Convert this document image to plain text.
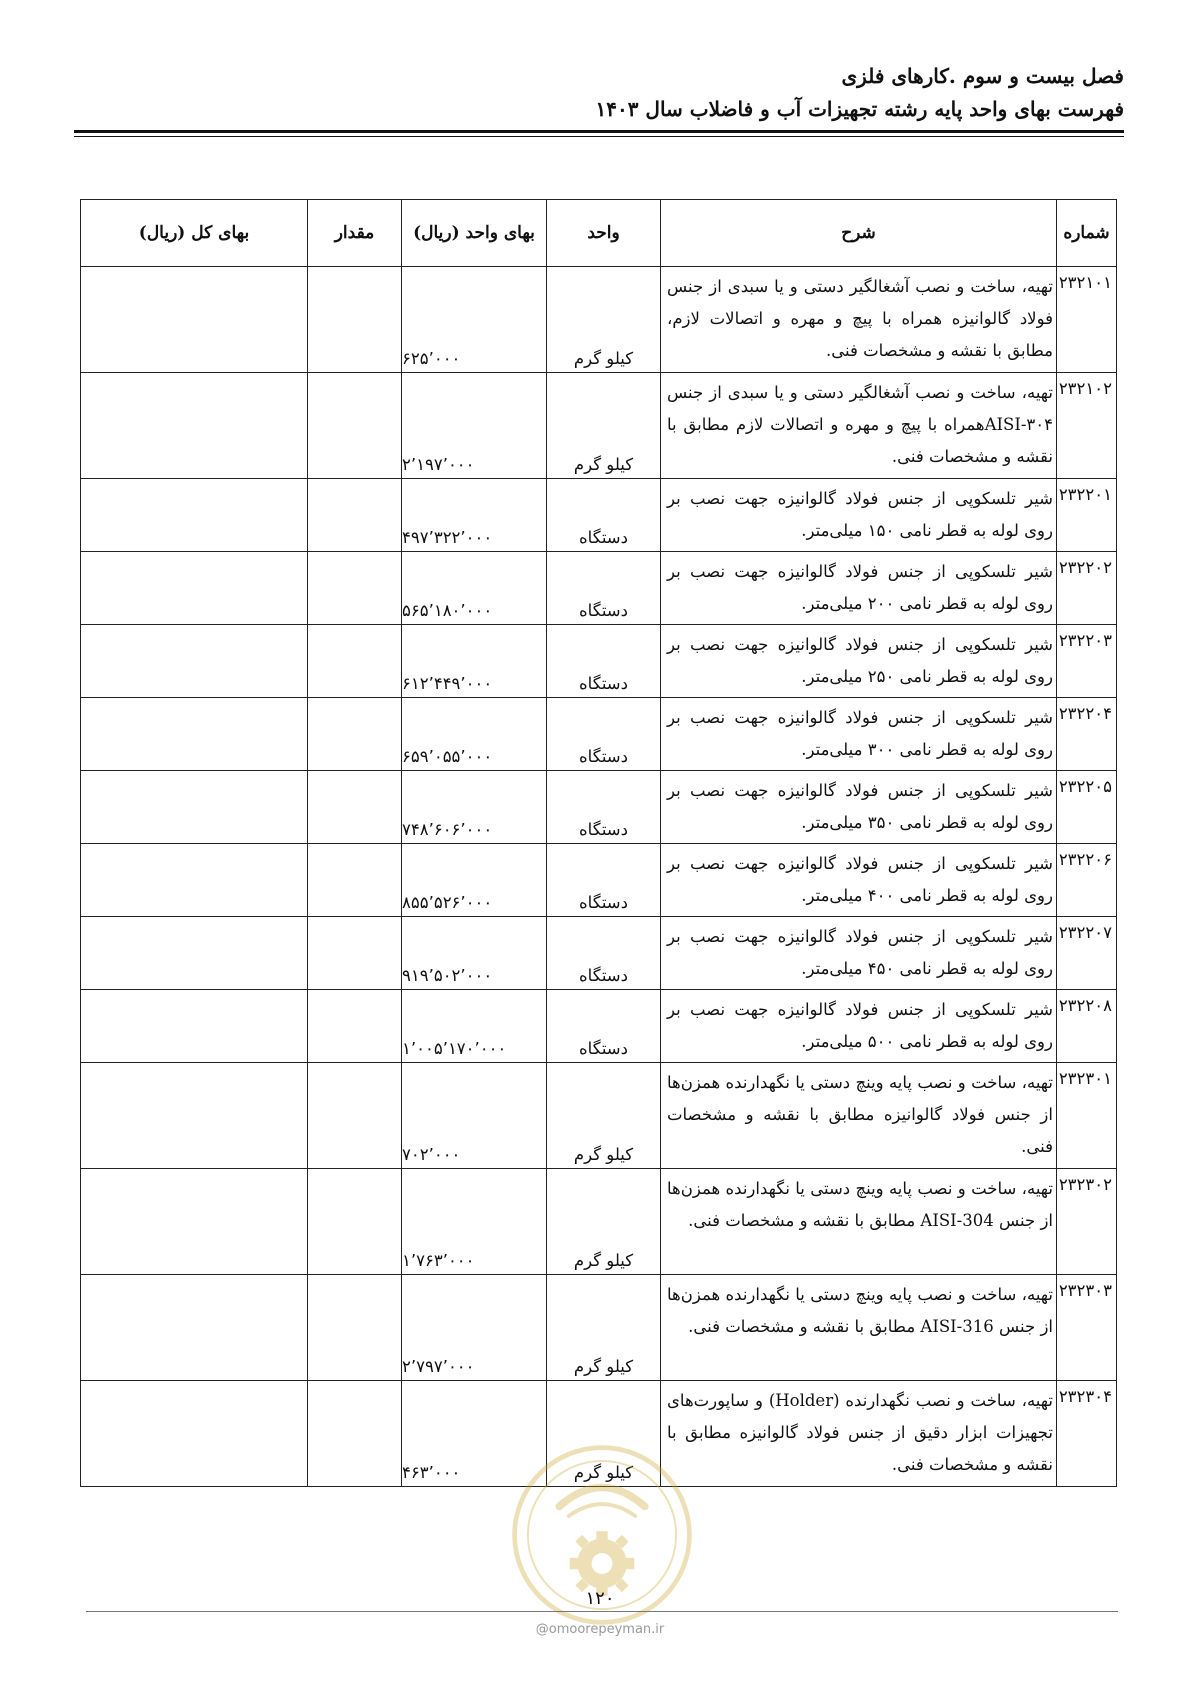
فصل بیست و سوم .کارهای فلزی
فهرست بهای واحد پایه رشته تجهیزات آب و فاضلاب سال ۱۴۰۳
شماره	شرح	واحد	بهای واحد (ریال)	مقدار	بهای کل (ریال)
۲۳۲۱۰۱	تهیه، ساخت و نصب آشغالگیر دستی و یا سبدی از جنس فولاد گالوانیزه همراه با پیچ و مهره و اتصالات لازم، مطابق با نقشه و مشخصات فنی.	کیلو گرم	۶۲۵٬۰۰۰		
۲۳۲۱۰۲	تهیه، ساخت و نصب آشغالگیر دستی و یا سبدی از جنس AISI-۳۰۴همراه با پیچ و مهره و اتصالات لازم مطابق با نقشه و مشخصات فنی.	کیلو گرم	۲٬۱۹۷٬۰۰۰		
۲۳۲۲۰۱	شیر تلسکوپی از جنس فولاد گالوانیزه جهت نصب بر روی لوله به قطر نامی ۱۵۰ میلی‌متر.	دستگاه	۴۹۷٬۳۲۲٬۰۰۰		
۲۳۲۲۰۲	شیر تلسکوپی از جنس فولاد گالوانیزه جهت نصب بر روی لوله به قطر نامی ۲۰۰ میلی‌متر.	دستگاه	۵۶۵٬۱۸۰٬۰۰۰		
۲۳۲۲۰۳	شیر تلسکوپی از جنس فولاد گالوانیزه جهت نصب بر روی لوله به قطر نامی ۲۵۰ میلی‌متر.	دستگاه	۶۱۲٬۴۴۹٬۰۰۰		
۲۳۲۲۰۴	شیر تلسکوپی از جنس فولاد گالوانیزه جهت نصب بر روی لوله به قطر نامی ۳۰۰ میلی‌متر.	دستگاه	۶۵۹٬۰۵۵٬۰۰۰		
۲۳۲۲۰۵	شیر تلسکوپی از جنس فولاد گالوانیزه جهت نصب بر روی لوله به قطر نامی ۳۵۰ میلی‌متر.	دستگاه	۷۴۸٬۶۰۶٬۰۰۰		
۲۳۲۲۰۶	شیر تلسکوپی از جنس فولاد گالوانیزه جهت نصب بر روی لوله به قطر نامی ۴۰۰ میلی‌متر.	دستگاه	۸۵۵٬۵۲۶٬۰۰۰		
۲۳۲۲۰۷	شیر تلسکوپی از جنس فولاد گالوانیزه جهت نصب بر روی لوله به قطر نامی ۴۵۰ میلی‌متر.	دستگاه	۹۱۹٬۵۰۲٬۰۰۰		
۲۳۲۲۰۸	شیر تلسکوپی از جنس فولاد گالوانیزه جهت نصب بر روی لوله به قطر نامی ۵۰۰ میلی‌متر.	دستگاه	۱٬۰۰۵٬۱۷۰٬۰۰۰		
۲۳۲۳۰۱	تهیه، ساخت و نصب پایه وینچ دستی یا نگهدارنده همزن‌ها از جنس فولاد گالوانیزه مطابق با نقشه و مشخصات فنی.	کیلو گرم	۷۰۲٬۰۰۰		
۲۳۲۳۰۲	تهیه، ساخت و نصب پایه وینچ دستی یا نگهدارنده همزن‌ها از جنس AISI-304 مطابق با نقشه و مشخصات فنی.	کیلو گرم	۱٬۷۶۳٬۰۰۰		
۲۳۲۳۰۳	تهیه، ساخت و نصب پایه وینچ دستی یا نگهدارنده همزن‌ها از جنس AISI-316 مطابق با نقشه و مشخصات فنی.	کیلو گرم	۲٬۷۹۷٬۰۰۰		
۲۳۲۳۰۴	تهیه، ساخت و نصب نگهدارنده (Holder) و ساپورت‌های تجهیزات ابزار دقیق از جنس فولاد گالوانیزه مطابق با نقشه و مشخصات فنی.	کیلو گرم	۴۶۳٬۰۰۰		
۱۲۰
@omoorepeyman.ir
